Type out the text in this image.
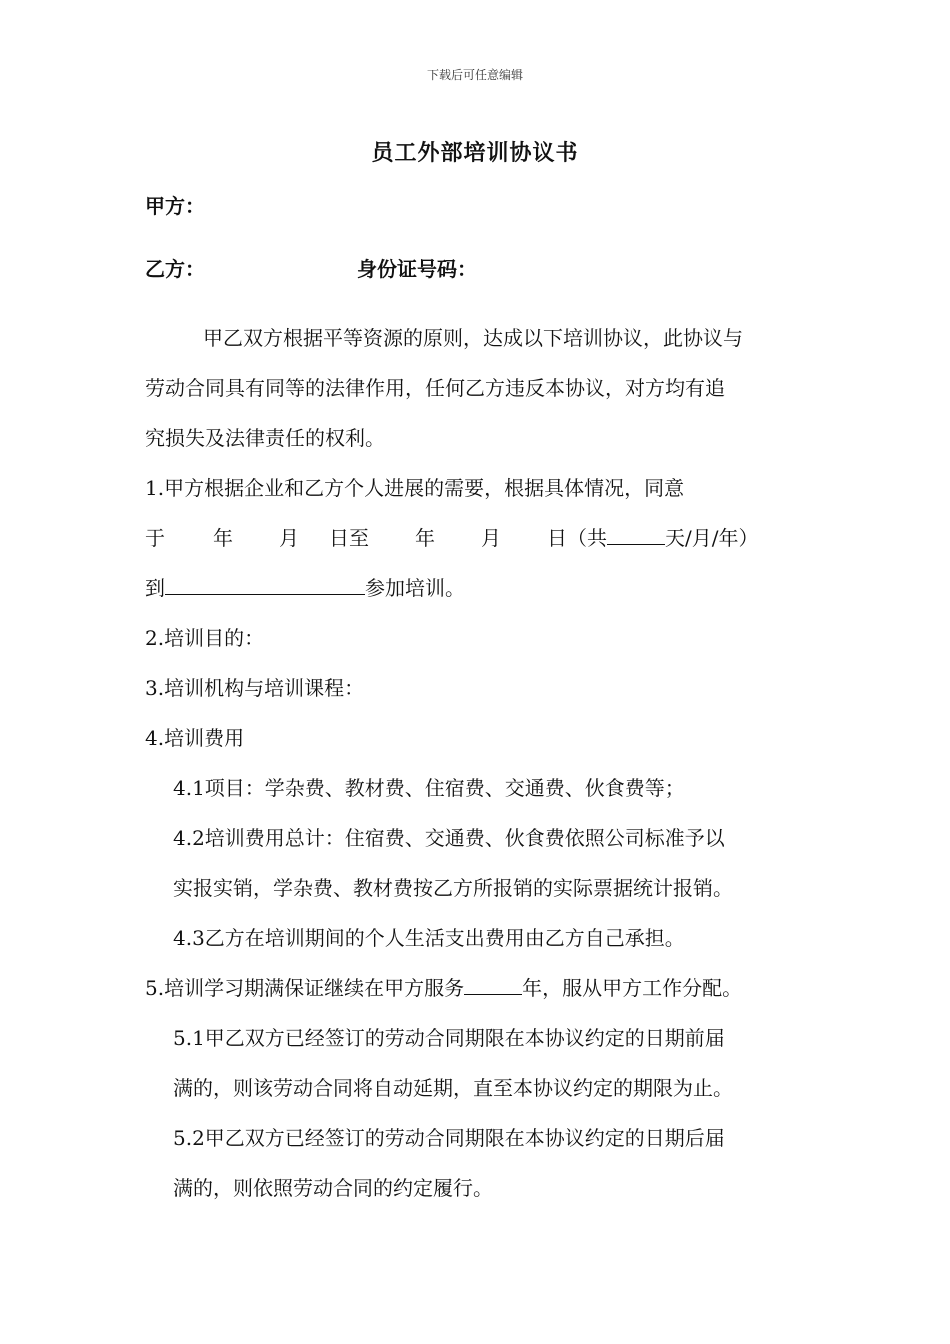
下载后可任意编辑
员工外部培训协议书
甲方：
乙方：	身份证号码：
甲乙双方根据平等资源的原则，达成以下培训协议，此协议与
劳动合同具有同等的法律作用，任何乙方违反本协议，对方均有追
究损失及法律责任的权利。
1.甲方根据企业和乙方个人进展的需要，根据具体情况，同意
于 年 月 日至 年 月 日（共	天/月/年）
到	参加培训。
2.培训目的：
3.培训机构与培训课程：
4.培训费用
4.1项目：学杂费、教材费、住宿费、交通费、伙食费等；
4.2培训费用总计：住宿费、交通费、伙食费依照公司标准予以
实报实销，学杂费、教材费按乙方所报销的实际票据统计报销。
4.3乙方在培训期间的个人生活支出费用由乙方自己承担。
5.培训学习期满保证继续在甲方服务	年，服从甲方工作分配。
5.1甲乙双方已经签订的劳动合同期限在本协议约定的日期前届
满的，则该劳动合同将自动延期，直至本协议约定的期限为止。
5.2甲乙双方已经签订的劳动合同期限在本协议约定的日期后届
满的，则依照劳动合同的约定履行。
